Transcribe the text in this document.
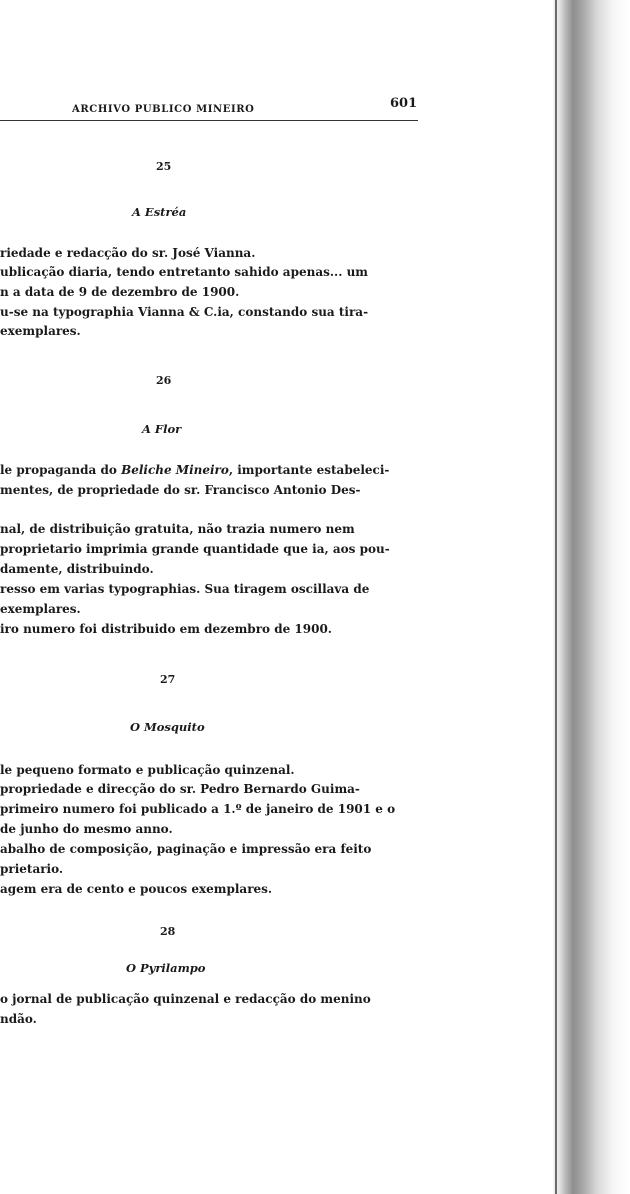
ARCHIVO PUBLICO MINEIRO	601
25
A Estréa
riedade e redacção do sr. José Vianna.
ublicação diaria, tendo entretanto sahido apenas... um
n a data de 9 de dezembro de 1900.
u-se na typographia Vianna & C.ia, constando sua tira-
exemplares.
26
A Flor
le propaganda do Beliche Mineiro, importante estabeleci-
mentes, de propriedade do sr. Francisco Antonio Des-
nal, de distribuição gratuita, não trazia numero nem
proprietario imprimia grande quantidade que ia, aos pou-
damente, distribuindo.
resso em varias typographias. Sua tiragem oscillava de
exemplares.
iro numero foi distribuido em dezembro de 1900.
27
O Mosquito
le pequeno formato e publicação quinzenal.
propriedade e direcção do sr. Pedro Bernardo Guima-
primeiro numero foi publicado a 1.º de janeiro de 1901 e o
de junho do mesmo anno.
abalho de composição, paginação e impressão era feito
prietario.
agem era de cento e poucos exemplares.
28
O Pyrilampo
o jornal de publicação quinzenal e redacção do menino
ndão.
